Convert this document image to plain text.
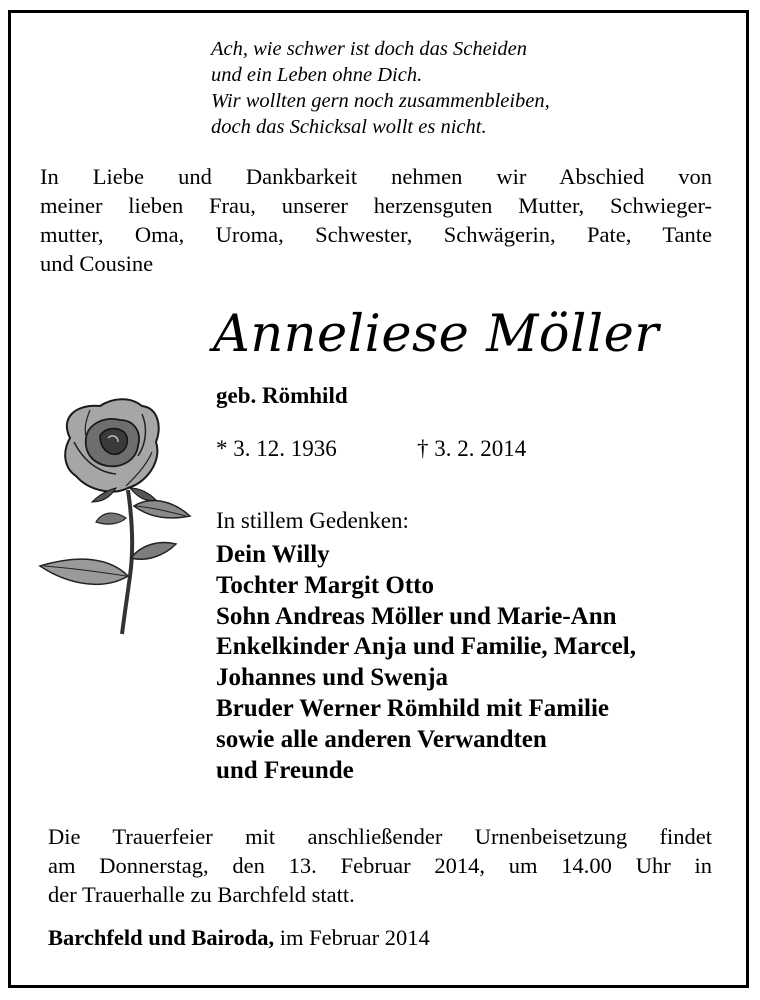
Ach, wie schwer ist doch das Scheiden
und ein Leben ohne Dich.
Wir wollten gern noch zusammenbleiben,
doch das Schicksal wollt es nicht.
In Liebe und Dankbarkeit nehmen wir Abschied von
meiner lieben Frau, unserer herzensguten Mutter, Schwieger-
mutter, Oma, Uroma, Schwester, Schwägerin, Pate, Tante
und Cousine
Anneliese Möller
geb. Römhild
* 3. 12. 1936	† 3. 2. 2014
In stillem Gedenken:
Dein Willy
Tochter Margit Otto
Sohn Andreas Möller und Marie-Ann
Enkelkinder Anja und Familie, Marcel,
Johannes und Swenja
Bruder Werner Römhild mit Familie
sowie alle anderen Verwandten
und Freunde
Die Trauerfeier mit anschließender Urnenbeisetzung findet
am Donnerstag, den 13. Februar 2014, um 14.00 Uhr in
der Trauerhalle zu Barchfeld statt.
Barchfeld und Bairoda, im Februar 2014
